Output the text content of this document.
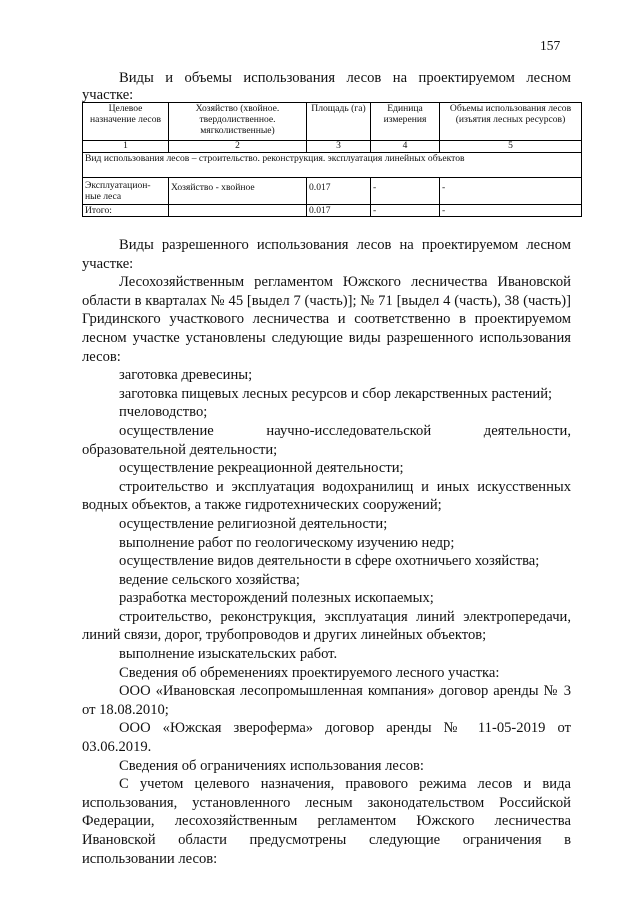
157
Виды и объемы использования лесов на проектируемом лесном
участке:
Целевое назначение лесов	Хозяйство (хвойное. твердолиственное. мягколиственные)	Площадь (га)	Единица измерения	Объемы использования лесов (изъятия лесных ресурсов)
1	2	3	4	5
Вид использования лесов – строительство. реконструкция. эксплуатация линейных объектов				

Эксплуатацион-
ные леса	Хозяйство - хвойное	0.017	-	-
Итого:		0.017	-	-

Виды разрешенного использования лесов на проектируемом лесном

участке:

Лесохозяйственным регламентом Южского лесничества Ивановской области в кварталах № 45 [выдел 7 (часть)]; № 71 [выдел 4 (часть), 38 (часть)] Гридинского участкового лесничества и соответственно в проектируемом лесном участке установлены следующие виды разрешенного использования лесов:

заготовка древесины;

заготовка пищевых лесных ресурсов и сбор лекарственных растений;

пчеловодство;

осуществление научно-исследовательской деятельности, образовательной деятельности;

осуществление рекреационной деятельности;

строительство и эксплуатация водохранилищ и иных искусственных водных объектов, а также гидротехнических сооружений;

осуществление религиозной деятельности;

выполнение работ по геологическому изучению недр;

осуществление видов деятельности в сфере охотничьего хозяйства;

ведение сельского хозяйства;

разработка месторождений полезных ископаемых;

строительство, реконструкция, эксплуатация линий электропередачи, линий связи, дорог, трубопроводов и других линейных объектов;

выполнение изыскательских работ.

Сведения об обременениях проектируемого лесного участка:

ООО «Ивановская лесопромышленная компания» договор аренды № 3 от 18.08.2010;

ООО «Южская звероферма» договор аренды № 11-05-2019 от 03.06.2019.

Сведения об ограничениях использования лесов:

С учетом целевого назначения, правового режима лесов и вида использования, установленного лесным законодательством Российской Федерации, лесохозяйственным регламентом Южского лесничества Ивановской области предусмотрены следующие ограничения в использовании лесов:
